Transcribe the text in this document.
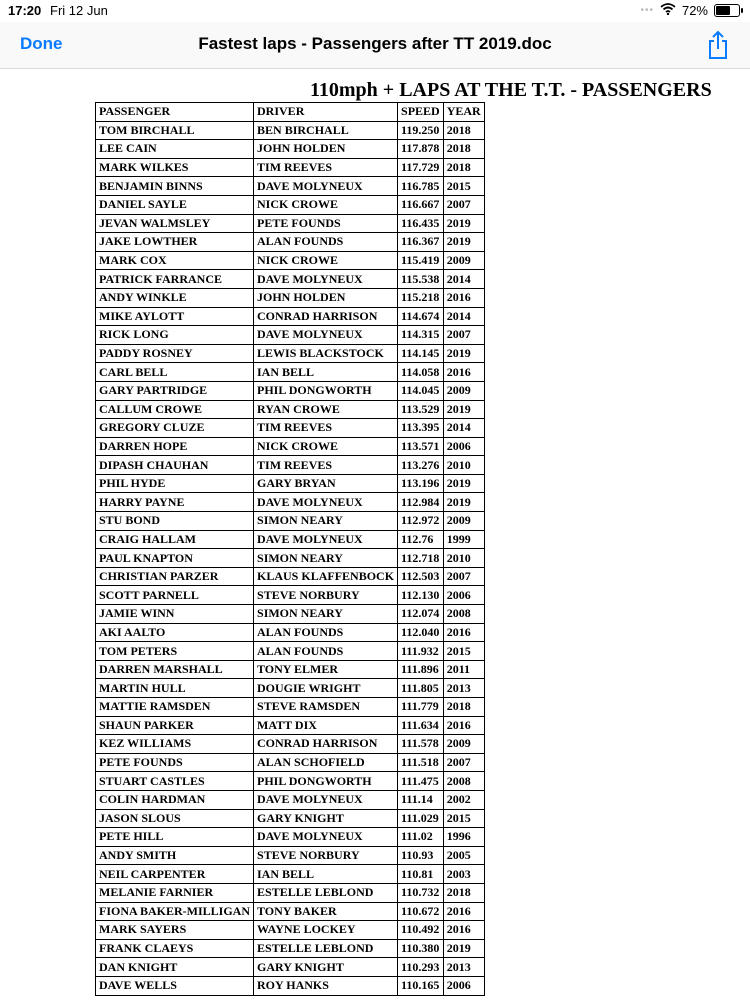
17:20 Fri 12 Jun	••• 72%
Done	Fastest laps - Passengers after TT 2019.doc
110mph + LAPS AT THE T.T. - PASSENGERS
PASSENGER	DRIVER	SPEED	YEAR
TOM BIRCHALL	BEN BIRCHALL	119.250	2018
LEE CAIN	JOHN HOLDEN	117.878	2018
MARK WILKES	TIM REEVES	117.729	2018
BENJAMIN BINNS	DAVE MOLYNEUX	116.785	2015
DANIEL SAYLE	NICK CROWE	116.667	2007
JEVAN WALMSLEY	PETE FOUNDS	116.435	2019
JAKE LOWTHER	ALAN FOUNDS	116.367	2019
MARK COX	NICK CROWE	115.419	2009
PATRICK FARRANCE	DAVE MOLYNEUX	115.538	2014
ANDY WINKLE	JOHN HOLDEN	115.218	2016
MIKE AYLOTT	CONRAD HARRISON	114.674	2014
RICK LONG	DAVE MOLYNEUX	114.315	2007
PADDY ROSNEY	LEWIS BLACKSTOCK	114.145	2019
CARL BELL	IAN BELL	114.058	2016
GARY PARTRIDGE	PHIL DONGWORTH	114.045	2009
CALLUM CROWE	RYAN CROWE	113.529	2019
GREGORY CLUZE	TIM REEVES	113.395	2014
DARREN HOPE	NICK CROWE	113.571	2006
DIPASH CHAUHAN	TIM REEVES	113.276	2010
PHIL HYDE	GARY BRYAN	113.196	2019
HARRY PAYNE	DAVE MOLYNEUX	112.984	2019
STU BOND	SIMON NEARY	112.972	2009
CRAIG HALLAM	DAVE MOLYNEUX	112.76	1999
PAUL KNAPTON	SIMON NEARY	112.718	2010
CHRISTIAN PARZER	KLAUS KLAFFENBOCK	112.503	2007
SCOTT PARNELL	STEVE NORBURY	112.130	2006
JAMIE WINN	SIMON NEARY	112.074	2008
AKI AALTO	ALAN FOUNDS	112.040	2016
TOM PETERS	ALAN FOUNDS	111.932	2015
DARREN MARSHALL	TONY ELMER	111.896	2011
MARTIN HULL	DOUGIE WRIGHT	111.805	2013
MATTIE RAMSDEN	STEVE RAMSDEN	111.779	2018
SHAUN PARKER	MATT DIX	111.634	2016
KEZ WILLIAMS	CONRAD HARRISON	111.578	2009
PETE FOUNDS	ALAN SCHOFIELD	111.518	2007
STUART CASTLES	PHIL DONGWORTH	111.475	2008
COLIN HARDMAN	DAVE MOLYNEUX	111.14	2002
JASON SLOUS	GARY KNIGHT	111.029	2015
PETE HILL	DAVE MOLYNEUX	111.02	1996
ANDY SMITH	STEVE NORBURY	110.93	2005
NEIL CARPENTER	IAN BELL	110.81	2003
MELANIE FARNIER	ESTELLE LEBLOND	110.732	2018
FIONA BAKER-MILLIGAN	TONY BAKER	110.672	2016
MARK SAYERS	WAYNE LOCKEY	110.492	2016
FRANK CLAEYS	ESTELLE LEBLOND	110.380	2019
DAN KNIGHT	GARY KNIGHT	110.293	2013
DAVE WELLS	ROY HANKS	110.165	2006
